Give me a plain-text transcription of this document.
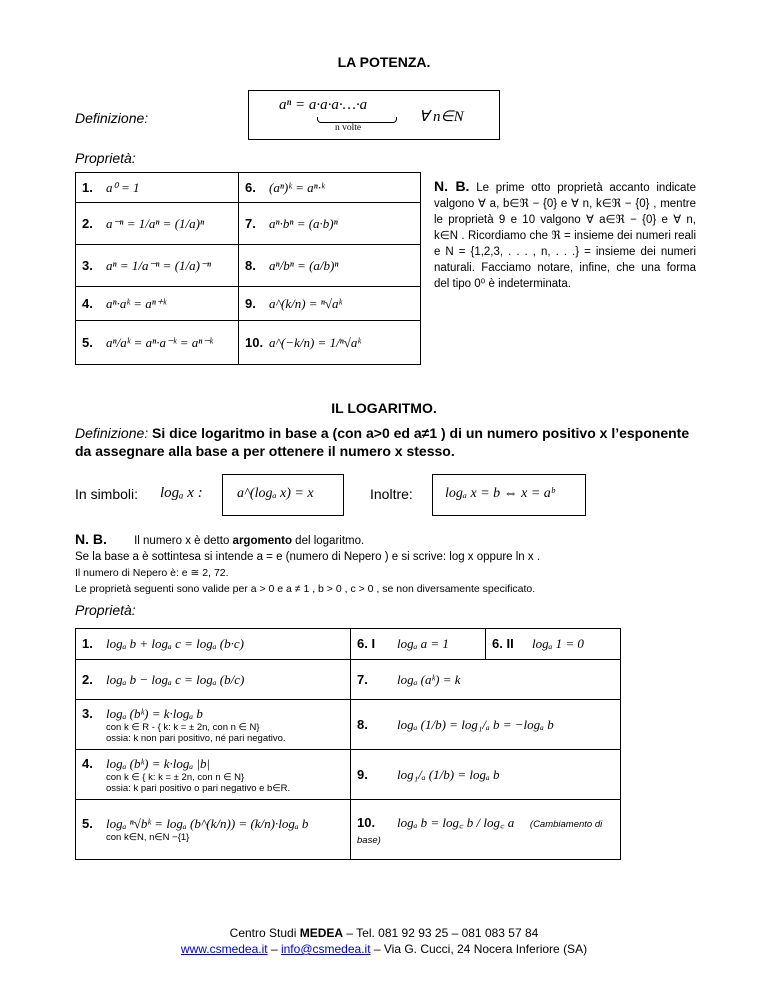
LA POTENZA.
Definizione:
aⁿ = a·a·a·…·a
n volte
∀ n∈N
Proprietà:
1. a⁰ = 1	6. (aⁿ)ᵏ = aⁿ·ᵏ
2. a⁻ⁿ = 1/aⁿ = (1/a)ⁿ	7. aⁿ·bⁿ = (a·b)ⁿ
3. aⁿ = 1/a⁻ⁿ = (1/a)⁻ⁿ	8. aⁿ/bⁿ = (a/b)ⁿ
4. aⁿ·aᵏ = aⁿ⁺ᵏ	9. a^(k/n) = ⁿ√aᵏ
5. aⁿ/aᵏ = aⁿ·a⁻ᵏ = aⁿ⁻ᵏ	10. a^(−k/n) = 1/ⁿ√aᵏ
N. B. Le prime otto proprietà accanto indicate valgono ∀ a, b∈ℜ − {0} e ∀ n, k∈ℜ − {0} , mentre le proprietà 9 e 10 valgono ∀ a∈ℜ − {0} e ∀ n, k∈N . Ricordiamo che ℜ = insieme dei numeri reali e N = {1,2,3, . . . , n, . . .} = insieme dei numeri naturali. Facciamo notare, infine, che una forma del tipo 0⁰ è indeterminata.
IL LOGARITMO.
Definizione: Si dice logaritmo in base a (con a>0 ed a≠1 ) di un numero positivo x l’esponente da assegnare alla base a per ottenere il numero x stesso.
In simboli: logₐ x : a^(logₐ x) = x	Inoltre: logₐ x = b ⇔ x = aᵇ
N. B. Il numero x è detto argomento del logaritmo.
Se la base a è sottintesa si intende a = e (numero di Nepero ) e si scrive: log x oppure ln x .
Il numero di Nepero è: e ≅ 2, 72.
Le proprietà seguenti sono valide per a > 0 e a ≠ 1 , b > 0 , c > 0 , se non diversamente specificato.
Proprietà:
1. logₐ b + logₐ c = logₐ (b·c)		6. I logₐ a = 1	6. II logₐ 1 = 0

2. logₐ b − logₐ c = logₐ (b/c)	7. logₐ (aᵏ) = k

3. logₐ (bᵏ) = k·logₐ b
con k ∈ R - { k: k = ± 2n, con n ∈ N}
ossia: k non pari positivo, né pari negativo.
	8. logₐ (1/b) = log₁/ₐ b = −logₐ b

4. logₐ (bᵏ) = k·logₐ |b|
con k ∈ { k: k = ± 2n, con n ∈ N}
ossia: k pari positivo o pari negativo e b∈R.
	9. log₁/ₐ (1/b) = logₐ b

5. logₐ ⁿ√bᵏ = logₐ (b^(k/n)) = (k/n)·logₐ b
con k∈N, n∈N −{1}
	10. logₐ b = log꜀ b / log꜀ a (Cambiamento di base)
Centro Studi MEDEA – Tel. 081 92 93 25 – 081 083 57 84
www.csmedea.it – info@csmedea.it – Via G. Cucci, 24 Nocera Inferiore (SA)
